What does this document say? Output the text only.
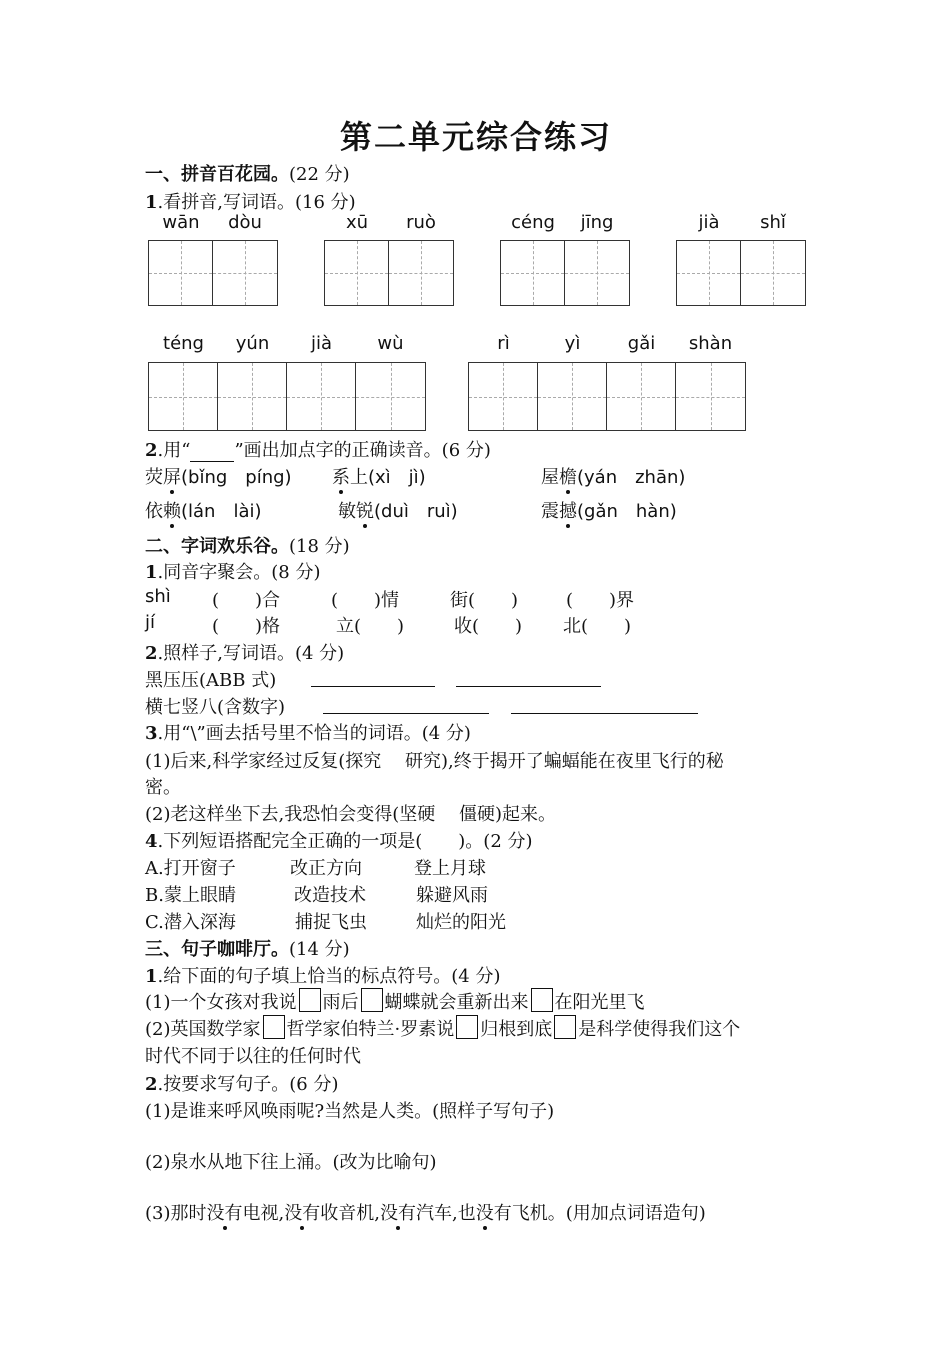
第二单元综合练习
一、拼音百花园。(22 分)
1.看拼音,写词语。(16 分)
wān	dòu	xū	ruò	céng	jīng	jià	shǐ
téng	yún	jià	wù	rì	yì	gǎi	shàn
2.用“ ”画出加点字的正确读音。(6 分)
荧屏(bǐng　píng) 系上(xì　jì)	屋檐(yán　zhān)
依赖(lán　lài)	敏锐(duì　ruì)	震撼(gǎn　hàn)
二、字词欢乐谷。(18 分)
1.同音字聚会。(8 分)
shì (　　)合	(　　)情	街(　　)	(　　)界
jí	(　　)格	立(　　)	收(　　) 北(　　)
2.照样子,写词语。(4 分)
黑压压(ABB 式)
横七竖八(含数字)
3.用“\”画去括号里不恰当的词语。(4 分)
(1)后来,科学家经过反复(探究　 研究),终于揭开了蝙蝠能在夜里飞行的秘
密。
(2)老这样坐下去,我恐怕会变得(坚硬　 僵硬)起来。
4.下列短语搭配完全正确的一项是(　　)。(2 分)
A.打开窗子	改正方向	登上月球
B.蒙上眼睛	改造技术	躲避风雨
C.潜入深海	捕捉飞虫	灿烂的阳光
三、句子咖啡厅。(14 分)
1.给下面的句子填上恰当的标点符号。(4 分)
(1)一个女孩对我说 雨后 蝴蝶就会重新出来 在阳光里飞
(2)英国数学家 哲学家伯特兰·罗素说 归根到底 是科学使得我们这个
时代不同于以往的任何时代
2.按要求写句子。(6 分)
(1)是谁来呼风唤雨呢?当然是人类。(照样子写句子)
(2)泉水从地下往上涌。(改为比喻句)
(3)那时没有电视,没有收音机,没有汽车,也没有飞机。(用加点词语造句)
